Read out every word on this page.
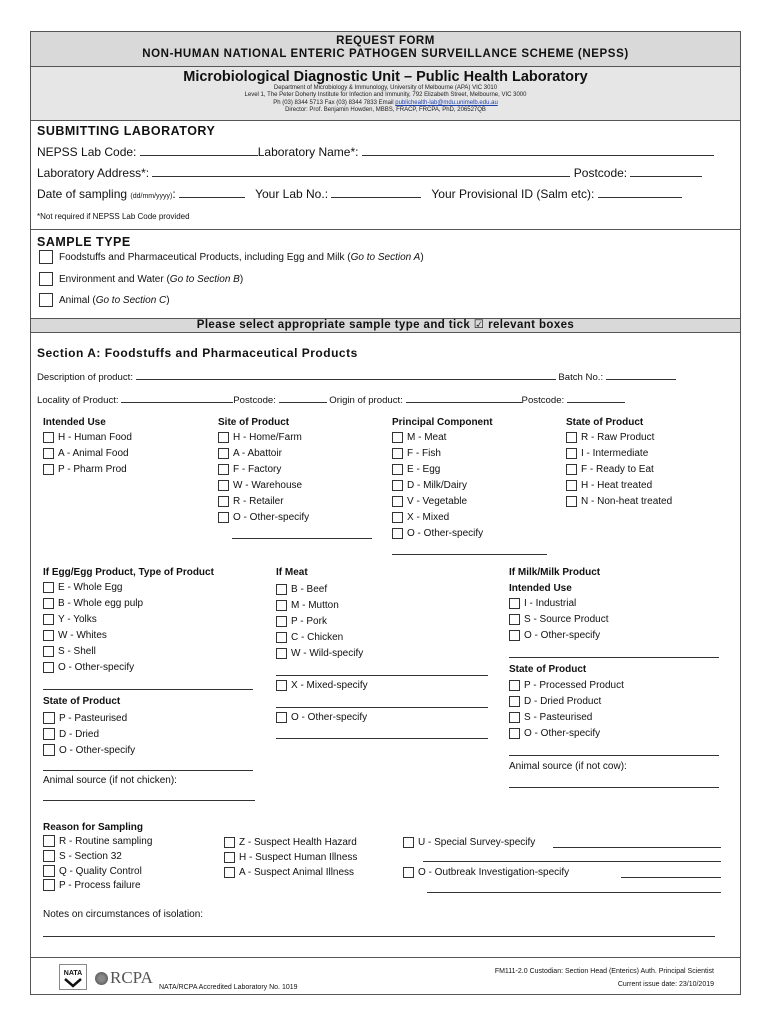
REQUEST FORM
NON-HUMAN NATIONAL ENTERIC PATHOGEN SURVEILLANCE SCHEME (NEPSS)
Microbiological Diagnostic Unit – Public Health Laboratory
Department of Microbiology & Immunology, University of Melbourne (APA) VIC 3010
Level 1, The Peter Doherty Institute for Infection and Immunity, 792 Elizabeth Street, Melbourne, VIC 3000
Ph (03) 8344 5713 Fax (03) 8344 7833 Email publichealth-lab@mdu.unimelb.edu.au
Director: Prof. Benjamin Howden, MBBS, FRACP, FRCPA, PhD, 206527QB
SUBMITTING LABORATORY
NEPSS Lab Code:	Laboratory Name*:
Laboratory Address*:	Postcode:
Date of sampling (dd/mm/yyyy):	Your Lab No.:	Your Provisional ID (Salm etc):
*Not required if NEPSS Lab Code provided
SAMPLE TYPE
Foodstuffs and Pharmaceutical Products, including Egg and Milk ( Go to Section A )
Environment and Water ( Go to Section B )
Animal ( Go to Section C )
Please select appropriate sample type and tick ☑ relevant boxes
Section A: Foodstuffs and Pharmaceutical Products
Description of product:	Batch No.:
Locality of Product:	Postcode:	Origin of product:	Postcode:
Intended Use
H - Human Food
A - Animal Food
P - Pharm Prod
Site of Product
H - Home/Farm
A - Abattoir
F - Factory
W - Warehouse
R - Retailer
O - Other-specify
Principal Component
M - Meat
F - Fish
E - Egg
D - Milk/Dairy
V - Vegetable
X - Mixed
O - Other-specify
State of Product
R - Raw Product
I - Intermediate
F - Ready to Eat
H - Heat treated
N - Non-heat treated
If Egg/Egg Product, Type of Product
E - Whole Egg
B - Whole egg pulp
Y - Yolks
W - Whites
S - Shell
O - Other-specify
State of Product
P - Pasteurised
D - Dried
O - Other-specify
Animal source (if not chicken):
If Meat
B - Beef
M - Mutton
P - Pork
C - Chicken
W - Wild-specify
X - Mixed-specify
O - Other-specify
If Milk/Milk Product
Intended Use
I - Industrial
S - Source Product
O - Other-specify
State of Product
P - Processed Product
D - Dried Product
S - Pasteurised
O - Other-specify
Animal source (if not cow):
Reason for Sampling
R - Routine sampling
S - Section 32
Q - Quality Control
P - Process failure
Z - Suspect Health Hazard
H - Suspect Human Illness
A - Suspect Animal Illness
U - Special Survey-specify
O - Outbreak Investigation-specify
Notes on circumstances of isolation:
NATA RCPA
NATA/RCPA Accredited Laboratory No. 1019
FM111-2.0 Custodian: Section Head (Enterics) Auth. Principal Scientist
Current issue date: 23/10/2019
